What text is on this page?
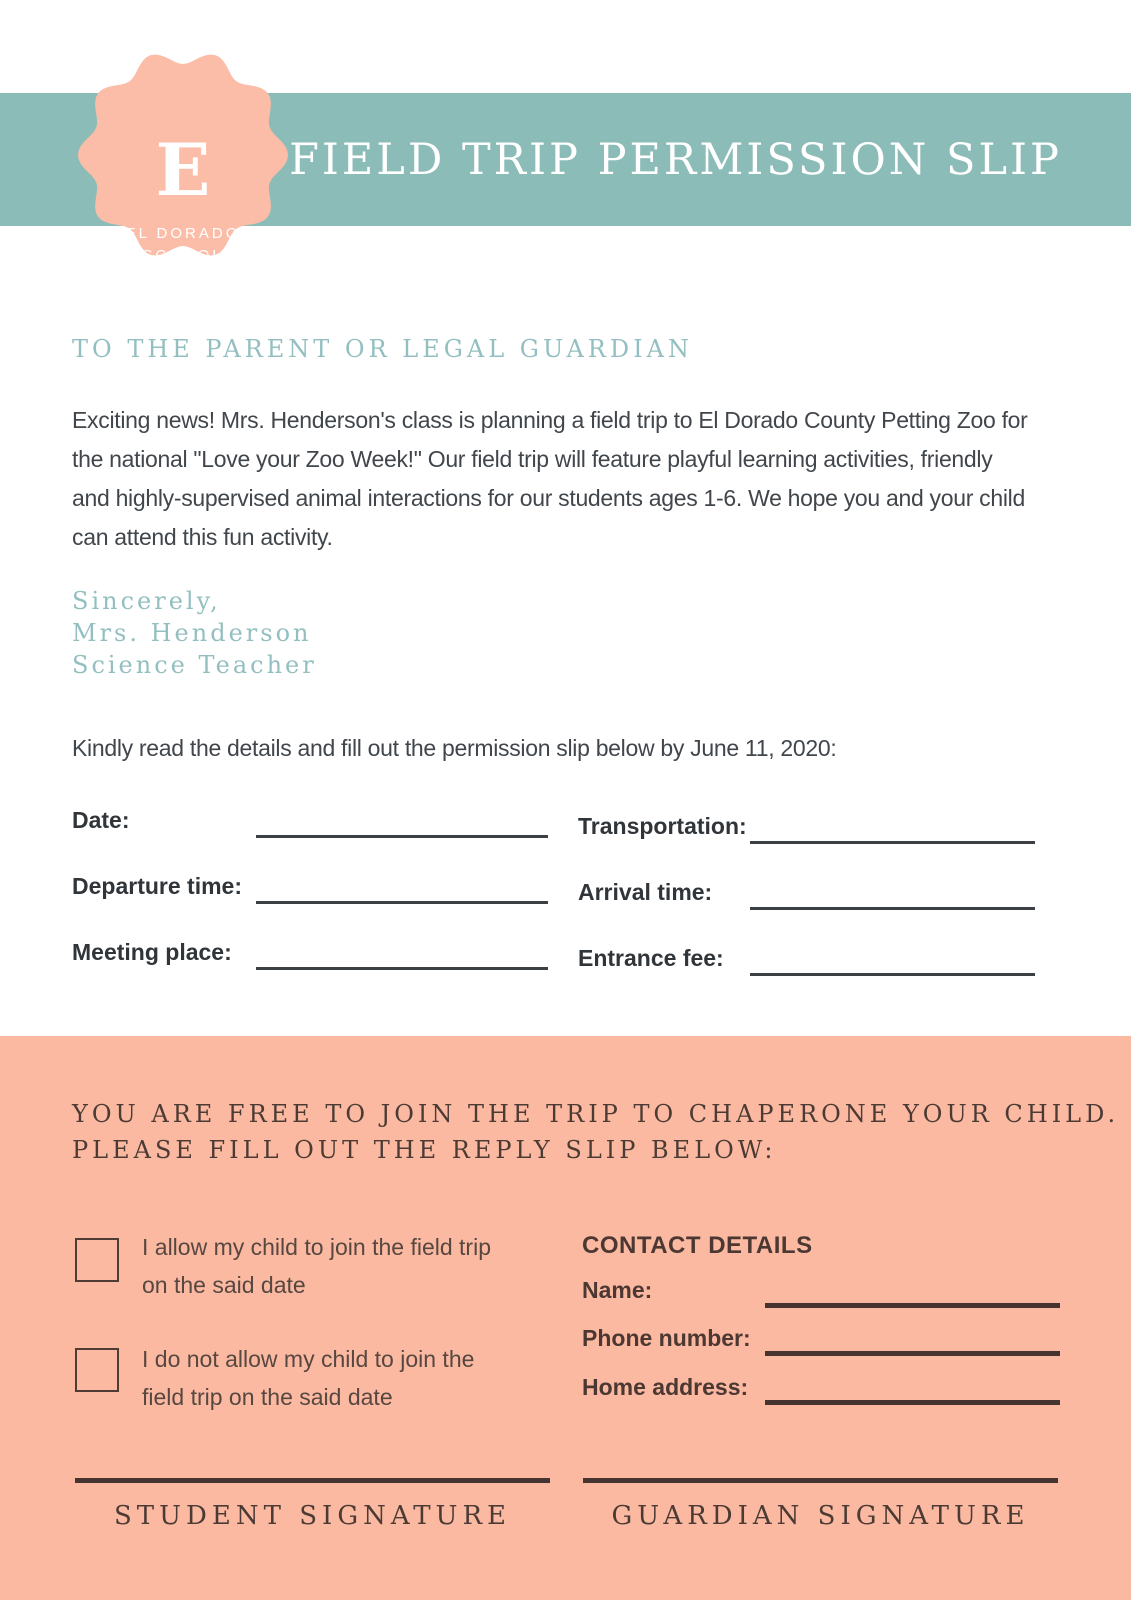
FIELD TRIP PERMISSION SLIP
E
EL DORADO
SCHOOL
TO THE PARENT OR LEGAL GUARDIAN
Exciting news! Mrs. Henderson's class is planning a field trip to El Dorado County Petting Zoo for
the national "Love your Zoo Week!" Our field trip will feature playful learning activities, friendly
and highly-supervised animal interactions for our students ages 1-6. We hope you and your child
can attend this fun activity.
Sincerely,
Mrs. Henderson
Science Teacher
Kindly read the details and fill out the permission slip below by June 11, 2020:
Date:
Departure time:
Meeting place:
Transportation:
Arrival time:
Entrance fee:
YOU ARE FREE TO JOIN THE TRIP TO CHAPERONE YOUR CHILD.
PLEASE FILL OUT THE REPLY SLIP BELOW:
I allow my child to join the field trip on the said date
I do not allow my child to join the field trip on the said date
CONTACT DETAILS
Name:
Phone number:
Home address:
STUDENT SIGNATURE	GUARDIAN SIGNATURE
